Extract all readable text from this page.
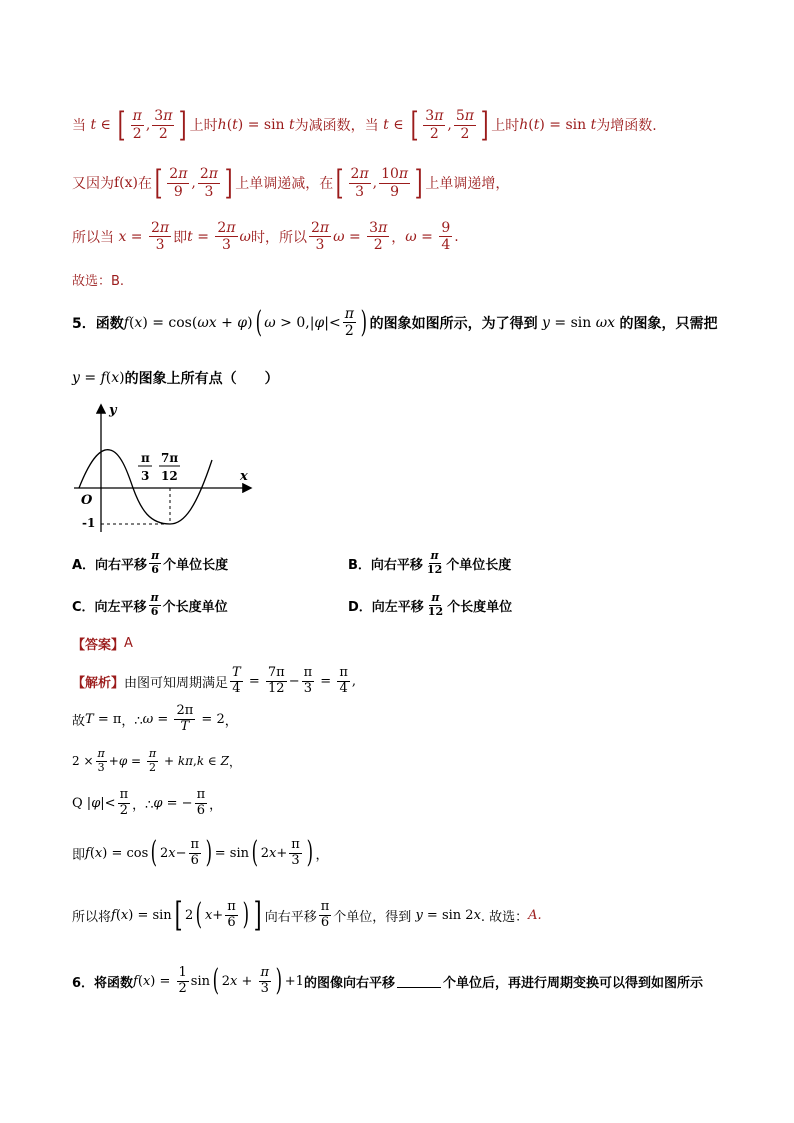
当 t ∈ [ $\frac{\pi}{2}$ , $\frac{3\pi}{2}$ ] 上时 h ( t ) = sin t 为减函数，当 t ∈ [ $\frac{3\pi}{2}$ , $\frac{5\pi}{2}$ ] 上时 h ( t ) = sin t 为增函数.
又因为 f(x) 在 [ $\frac{2\pi}{9}$ , $\frac{2\pi}{3}$ ] 上单调递减，在 [ $\frac{2\pi}{3}$ , $\frac{10\pi}{9}$ ] 上单调递增，
所以当 $x = \frac{2\pi}{3}$ 即 $t = \frac{2\pi}{3}$ ω 时，所以 $\frac{2\pi}{3}$ $\omega = \frac{3\pi}{2}$ ， $\omega = \frac{9}{4}$ .
故选：B.
5．函数 f ( x ) = cos( ωx + φ ) ( ω > 0,| φ |< $\frac{\pi}{2}$ ) 的图象如图所示，为了得到 y = sin ωx 的图象，只需把
y = f ( x ) 的图象上所有点（　　）
y
x
O
-1
π
3
7π
12
A．向右平移 $\frac{\pi}{6}$ 个单位长度	B．向右平移 $\frac{\pi}{12}$ 个单位长度
C．向左平移 $\frac{\pi}{6}$ 个长度单位	D．向左平移 $\frac{\pi}{12}$ 个长度单位
【答案】 A
【解析】 由图可知周期满足 $\frac{T}{4} = \frac{7\pi}{12} - \frac{\pi}{3} = \frac{\pi}{4}$ ,
故 T = π ，∴ $\omega = \frac{2\pi}{T} = 2$ ，
$2 \times \frac{\pi}{3} + \varphi = \frac{\pi}{2} + k\pi$ , k ∈ Z ，
Q | φ |< $\frac{\pi}{2}$ ，∴ φ = − $\frac{\pi}{6}$ ，
即 f ( x ) = cos ( 2 $x - \frac{\pi}{6}$ ) = sin ( 2 $x + \frac{\pi}{3}$ ) ，
所以将 f ( x ) = sin [ 2 ( $x + \frac{\pi}{6}$ ) ] 向右平移 $\frac{\pi}{6}$ 个单位，得到 y = sin 2 x . 故选： A.
6．将函数 f ( x ) = $\frac{1}{2}$ sin ( 2 $x + \frac{\pi}{3}$ ) +1 的图像向右平移	个单位后，再进行周期变换可以得到如图所示
